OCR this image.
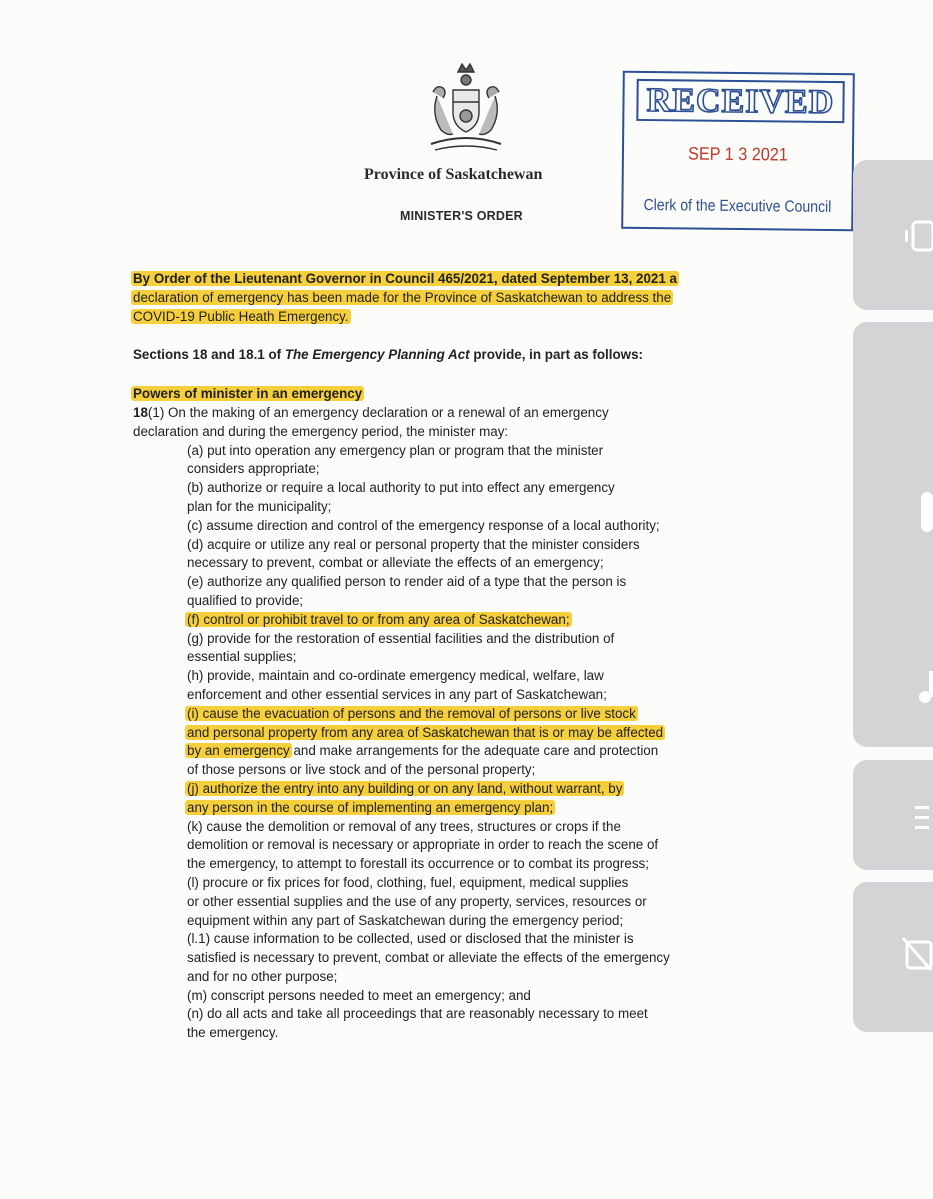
Province of Saskatchewan
MINISTER'S ORDER
RECEIVED
SEP 1 3 2021
Clerk of the Executive Council
By Order of the Lieutenant Governor in Council 465/2021, dated September 13, 2021 a
declaration of emergency has been made for the Province of Saskatchewan to address the
COVID-19 Public Heath Emergency.
Sections 18 and 18.1 of The Emergency Planning Act provide, in part as follows:
Powers of minister in an emergency
18(1) On the making of an emergency declaration or a renewal of an emergency
declaration and during the emergency period, the minister may:
(a) put into operation any emergency plan or program that the minister
considers appropriate;
(b) authorize or require a local authority to put into effect any emergency
plan for the municipality;
(c) assume direction and control of the emergency response of a local authority;
(d) acquire or utilize any real or personal property that the minister considers
necessary to prevent, combat or alleviate the effects of an emergency;
(e) authorize any qualified person to render aid of a type that the person is
qualified to provide;
(f) control or prohibit travel to or from any area of Saskatchewan;
(g) provide for the restoration of essential facilities and the distribution of
essential supplies;
(h) provide, maintain and co-ordinate emergency medical, welfare, law
enforcement and other essential services in any part of Saskatchewan;
(i) cause the evacuation of persons and the removal of persons or live stock
and personal property from any area of Saskatchewan that is or may be affected
by an emergency and make arrangements for the adequate care and protection
of those persons or live stock and of the personal property;
(j) authorize the entry into any building or on any land, without warrant, by
any person in the course of implementing an emergency plan;
(k) cause the demolition or removal of any trees, structures or crops if the
demolition or removal is necessary or appropriate in order to reach the scene of
the emergency, to attempt to forestall its occurrence or to combat its progress;
(l) procure or fix prices for food, clothing, fuel, equipment, medical supplies
or other essential supplies and the use of any property, services, resources or
equipment within any part of Saskatchewan during the emergency period;
(l.1) cause information to be collected, used or disclosed that the minister is
satisfied is necessary to prevent, combat or alleviate the effects of the emergency
and for no other purpose;
(m) conscript persons needed to meet an emergency; and
(n) do all acts and take all proceedings that are reasonably necessary to meet
the emergency.
